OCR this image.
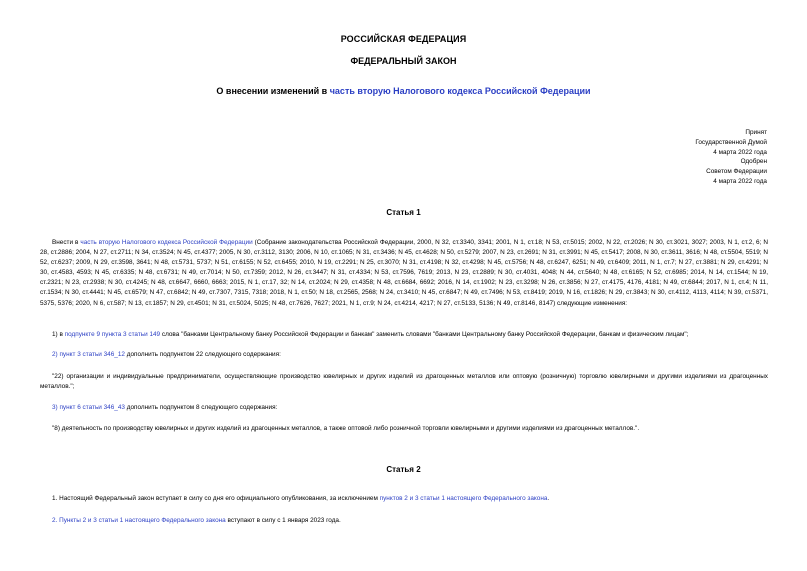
РОССИЙСКАЯ ФЕДЕРАЦИЯ

ФЕДЕРАЛЬНЫЙ ЗАКОН

О внесении изменений в часть вторую Налогового кодекса Российской Федерации

Принят
Государственной Думой
4 марта 2022 года
Одобрен
Советом Федерации
4 марта 2022 года

Статья 1

Внести в часть вторую Налогового кодекса Российской Федерации (Собрание законодательства Российской Федерации, 2000, N 32, ст.3340, 3341; 2001, N 1, ст.18; N 53, ст.5015; 2002, N 22, ст.2026; N 30, ст.3021, 3027; 2003, N 1, ст.2, 6; N 28, ст.2886; 2004, N 27, ст.2711; N 34, ст.3524; N 45, ст.4377; 2005, N 30, ст.3112, 3130; 2006, N 10, ст.1065; N 31, ст.3436; N 45, ст.4628; N 50, ст.5279; 2007, N 23, ст.2691; N 31, ст.3991; N 45, ст.5417; 2008, N 30, ст.3611, 3616; N 48, ст.5504, 5519; N 52, ст.6237; 2009, N 29, ст.3598, 3641; N 48, ст.5731, 5737; N 51, ст.6155; N 52, ст.6455; 2010, N 19, ст.2291; N 25, ст.3070; N 31, ст.4198; N 32, ст.4298; N 45, ст.5756; N 48, ст.6247, 6251; N 49, ст.6409; 2011, N 1, ст.7; N 27, ст.3881; N 29, ст.4291; N 30, ст.4583, 4593; N 45, ст.6335; N 48, ст.6731; N 49, ст.7014; N 50, ст.7359; 2012, N 26, ст.3447; N 31, ст.4334; N 53, ст.7596, 7619; 2013, N 23, ст.2889; N 30, ст.4031, 4048; N 44, ст.5640; N 48, ст.6165; N 52, ст.6985; 2014, N 14, ст.1544; N 19, ст.2321; N 23, ст.2938; N 30, ст.4245; N 48, ст.6647, 6660, 6663; 2015, N 1, ст.17, 32; N 14, ст.2024; N 29, ст.4358; N 48, ст.6684, 6692; 2016, N 14, ст.1902; N 23, ст.3298; N 26, ст.3856; N 27, ст.4175, 4176, 4181; N 49, ст.6844; 2017, N 1, ст.4; N 11, ст.1534; N 30, ст.4441; N 45, ст.6579; N 47, ст.6842; N 49, ст.7307, 7315, 7318; 2018, N 1, ст.50; N 18, ст.2565, 2568; N 24, ст.3410; N 45, ст.6847; N 49, ст.7496; N 53, ст.8419; 2019, N 16, ст.1826; N 29, ст.3843; N 30, ст.4112, 4113, 4114; N 39, ст.5371, 5375, 5376; 2020, N 6, ст.587; N 13, ст.1857; N 29, ст.4501; N 31, ст.5024, 5025; N 48, ст.7626, 7627; 2021, N 1, ст.9; N 24, ст.4214, 4217; N 27, ст.5133, 5136; N 49, ст.8146, 8147) следующие изменения:

1) в подпункте 9 пункта 3 статьи 149 слова "банками Центральному банку Российской Федерации и банкам" заменить словами "банками Центральному банку Российской Федерации, банкам и физическим лицам";

2) пункт 3 статьи 346_12 дополнить подпунктом 22 следующего содержания:

"22) организации и индивидуальные предприниматели, осуществляющие производство ювелирных и других изделий из драгоценных металлов или оптовую (розничную) торговлю ювелирными и другими изделиями из драгоценных металлов.";

3) пункт 6 статьи 346_43 дополнить подпунктом 8 следующего содержания:

"8) деятельность по производству ювелирных и других изделий из драгоценных металлов, а также оптовой либо розничной торговли ювелирными и другими изделиями из драгоценных металлов.".

Статья 2

1. Настоящий Федеральный закон вступает в силу со дня его официального опубликования, за исключением пунктов 2 и 3 статьи 1 настоящего Федерального закона.

2. Пункты 2 и 3 статьи 1 настоящего Федерального закона вступают в силу с 1 января 2023 года.
